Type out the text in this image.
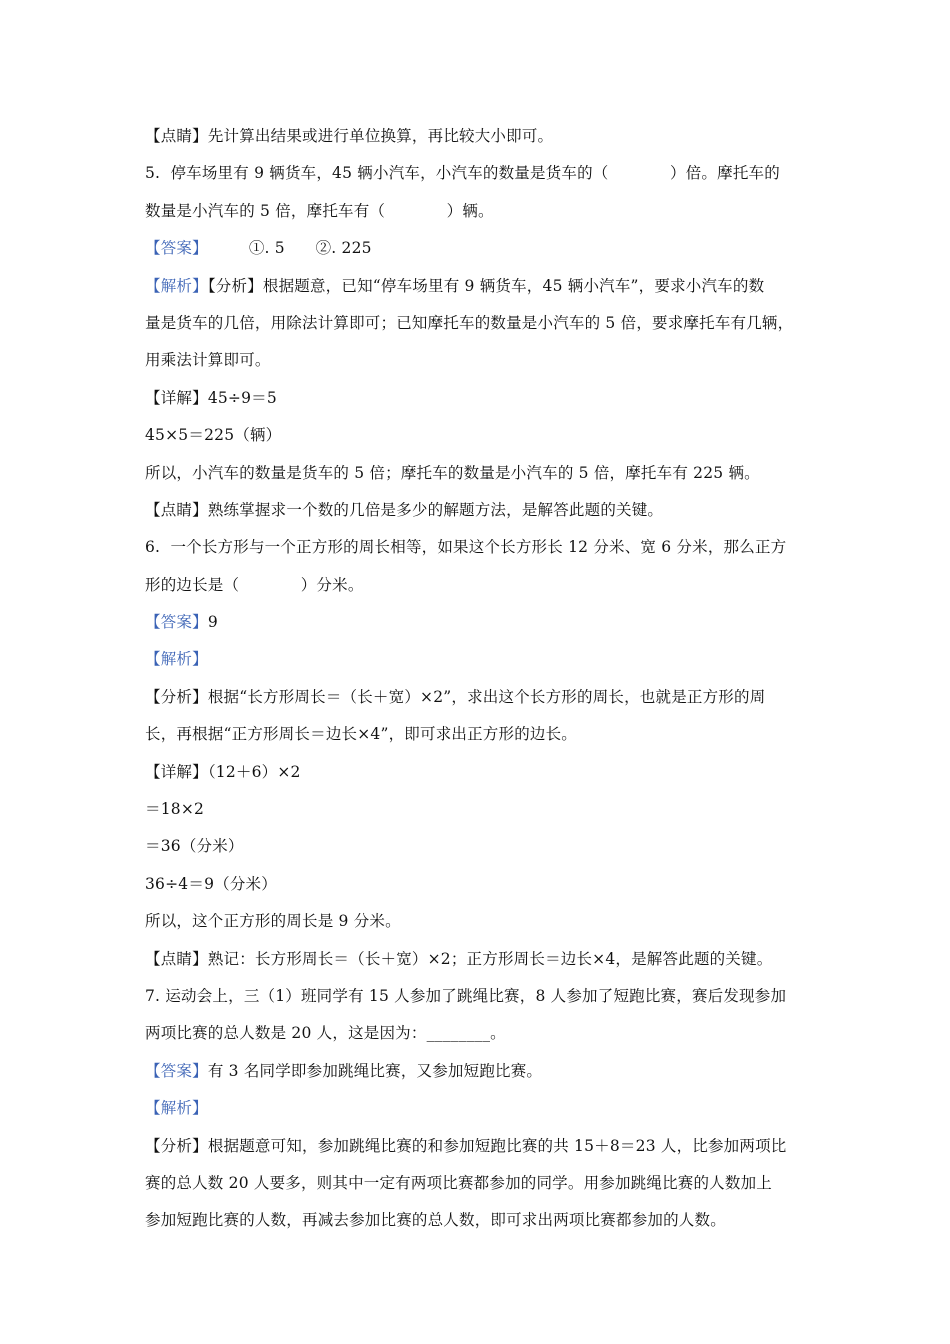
【点睛】先计算出结果或进行单位换算，再比较大小即可。
5.  停车场里有 9 辆货车，45 辆小汽车，小汽车的数量是货车的（            ）倍。摩托车的
数量是小汽车的 5 倍，摩托车有（            ）辆。
【答案】        ①. 5      ②. 225
【解析】【分析】根据题意，已知“停车场里有 9 辆货车，45 辆小汽车”，要求小汽车的数
量是货车的几倍，用除法计算即可；已知摩托车的数量是小汽车的 5 倍，要求摩托车有几辆，
用乘法计算即可。
【详解】45÷9＝5
45×5＝225（辆）
所以，小汽车的数量是货车的 5 倍；摩托车的数量是小汽车的 5 倍，摩托车有 225 辆。
【点睛】熟练掌握求一个数的几倍是多少的解题方法，是解答此题的关键。
6.  一个长方形与一个正方形的周长相等，如果这个长方形长 12 分米、宽 6 分米，那么正方
形的边长是（            ）分米。
【答案】9
【解析】
【分析】根据“长方形周长＝（长＋宽）×2”，求出这个长方形的周长，也就是正方形的周
长，再根据“正方形周长＝边长×4”，即可求出正方形的边长。
【详解】（12＋6）×2
＝18×2
＝36（分米）
36÷4＝9（分米）
所以，这个正方形的周长是 9 分米。
【点睛】熟记：长方形周长＝（长＋宽）×2；正方形周长＝边长×4，是解答此题的关键。
7. 运动会上，三（1）班同学有 15 人参加了跳绳比赛，8 人参加了短跑比赛，赛后发现参加
两项比赛的总人数是 20 人，这是因为：________。
【答案】有 3 名同学即参加跳绳比赛，又参加短跑比赛。
【解析】
【分析】根据题意可知，参加跳绳比赛的和参加短跑比赛的共 15＋8＝23 人，比参加两项比
赛的总人数 20 人要多，则其中一定有两项比赛都参加的同学。用参加跳绳比赛的人数加上
参加短跑比赛的人数，再减去参加比赛的总人数，即可求出两项比赛都参加的人数。
